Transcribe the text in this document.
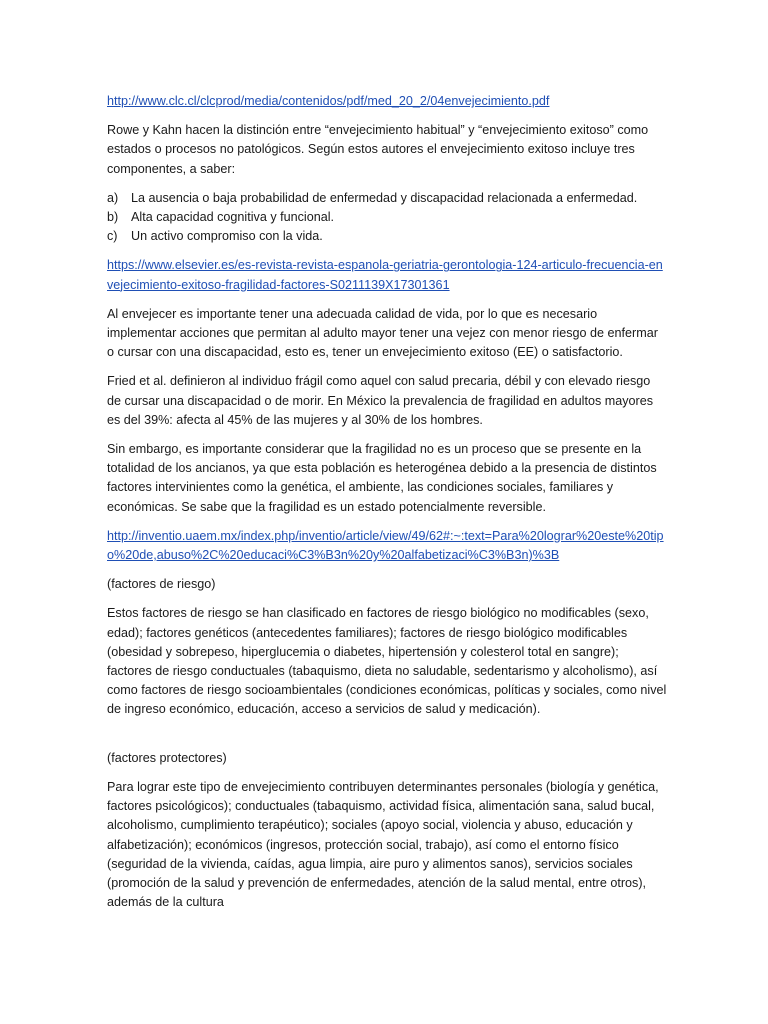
http://www.clc.cl/clcprod/media/contenidos/pdf/med_20_2/04envejecimiento.pdf

Rowe y Kahn hacen la distinción entre “envejecimiento habitual” y “envejecimiento exitoso” como estados o procesos no patológicos. Según estos autores el envejecimiento exitoso incluye tres componentes, a saber:

a)	La ausencia o baja probabilidad de enfermedad y discapacidad relacionada a enfermedad.
b)	Alta capacidad cognitiva y funcional.
c)	Un activo compromiso con la vida.
https://www.elsevier.es/es-revista-revista-espanola-geriatria-gerontologia-124-articulo-frecuencia-envejecimiento-exitoso-fragilidad-factores-S0211139X17301361

Al envejecer es importante tener una adecuada calidad de vida, por lo que es necesario implementar acciones que permitan al adulto mayor tener una vejez con menor riesgo de enfermar o cursar con una discapacidad, esto es, tener un envejecimiento exitoso (EE) o satisfactorio.

Fried et al. definieron al individuo frágil como aquel con salud precaria, débil y con elevado riesgo de cursar una discapacidad o de morir. En México la prevalencia de fragilidad en adultos mayores es del 39%: afecta al 45% de las mujeres y al 30% de los hombres.

Sin embargo, es importante considerar que la fragilidad no es un proceso que se presente en la totalidad de los ancianos, ya que esta población es heterogénea debido a la presencia de distintos factores intervinientes como la genética, el ambiente, las condiciones sociales, familiares y económicas. Se sabe que la fragilidad es un estado potencialmente reversible.

http://inventio.uaem.mx/index.php/inventio/article/view/49/62#:~:text=Para%20lograr%20este%20tipo%20de,abuso%2C%20educaci%C3%B3n%20y%20alfabetizaci%C3%B3n)%3B

(factores de riesgo)

Estos factores de riesgo se han clasificado en factores de riesgo biológico no modificables (sexo, edad); factores genéticos (antecedentes familiares); factores de riesgo biológico modificables (obesidad y sobrepeso, hiperglucemia o diabetes, hipertensión y colesterol total en sangre); factores de riesgo conductuales (tabaquismo, dieta no saludable, sedentarismo y alcoholismo), así como factores de riesgo socioambientales (condiciones económicas, políticas y sociales, como nivel de ingreso económico, educación, acceso a servicios de salud y medicación).

(factores protectores)

Para lograr este tipo de envejecimiento contribuyen determinantes personales (biología y genética, factores psicológicos); conductuales (tabaquismo, actividad física, alimentación sana, salud bucal, alcoholismo, cumplimiento terapéutico); sociales (apoyo social, violencia y abuso, educación y alfabetización); económicos (ingresos, protección social, trabajo), así como el entorno físico (seguridad de la vivienda, caídas, agua limpia, aire puro y alimentos sanos), servicios sociales (promoción de la salud y prevención de enfermedades, atención de la salud mental, entre otros), además de la cultura
